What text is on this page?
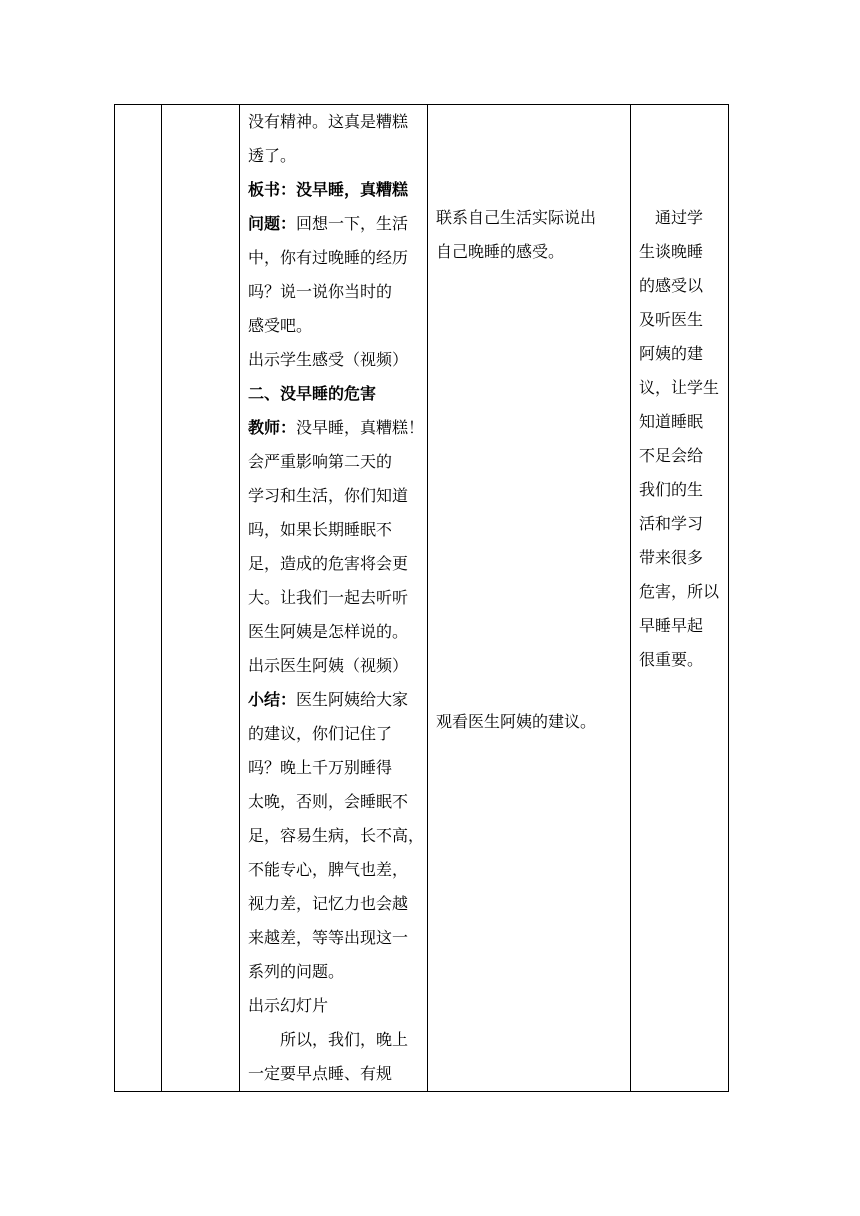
没有精神。这真是糟糕
透了。
板书：没早睡，真糟糕
问题：回想一下，生活
中，你有过晚睡的经历
吗？说一说你当时的
感受吧。
出示学生感受（视频）
二、没早睡的危害
教师：没早睡，真糟糕！
会严重影响第二天的
学习和生活，你们知道
吗，如果长期睡眠不
足，造成的危害将会更
大。让我们一起去听听
医生阿姨是怎样说的。
出示医生阿姨（视频）
小结：医生阿姨给大家
的建议，你们记住了
吗？晚上千万别睡得
太晚，否则，会睡眠不
足，容易生病，长不高，
不能专心，脾气也差，
视力差，记忆力也会越
来越差，等等出现这一
系列的问题。
出示幻灯片
所以，我们，晚上
一定要早点睡、有规

联系自己生活实际说出
自己晚睡的感受。
观看医生阿姨的建议。

通过学
生谈晚睡
的感受以
及听医生
阿姨的建
议，让学生
知道睡眠
不足会给
我们的生
活和学习
带来很多
危害，所以
早睡早起
很重要。
